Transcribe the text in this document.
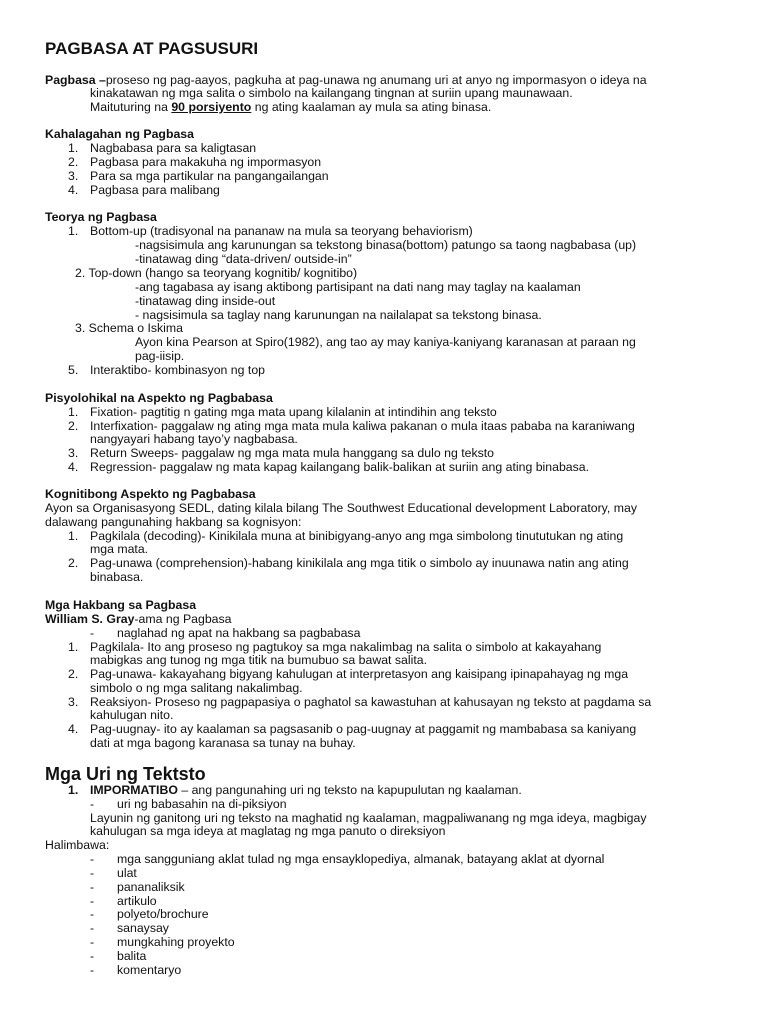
PAGBASA AT PAGSUSURI
Pagbasa –proseso ng pag-aayos, pagkuha at pag-unawa ng anumang uri at anyo ng impormasyon o ideya na
kinakatawan ng mga salita o simbolo na kailangang tingnan at suriin upang maunawaan.
Maituturing na 90 porsiyento ng ating kaalaman ay mula sa ating binasa.
Kahalagahan ng Pagbasa
1. Nagbabasa para sa kaligtasan
2. Pagbasa para makakuha ng impormasyon
3. Para sa mga partikular na pangangailangan
4. Pagbasa para malibang
Teorya ng Pagbasa
1. Bottom-up (tradisyonal na pananaw na mula sa teoryang behaviorism)
-nagsisimula ang karunungan sa tekstong binasa(bottom) patungo sa taong nagbabasa (up)
-tinatawag ding “data-driven/ outside-in”
2. Top-down (hango sa teoryang kognitib/ kognitibo)
-ang tagabasa ay isang aktibong partisipant na dati nang may taglay na kaalaman
-tinatawag ding inside-out
- nagsisimula sa taglay nang karunungan na nailalapat sa tekstong binasa.
3. Schema o Iskima
Ayon kina Pearson at Spiro(1982), ang tao ay may kaniya-kaniyang karanasan at paraan ng
pag-iisip.
5. Interaktibo- kombinasyon ng top
Pisyolohikal na Aspekto ng Pagbabasa
1. Fixation- pagtitig n gating mga mata upang kilalanin at intindihin ang teksto
2. Interfixation- paggalaw ng ating mga mata mula kaliwa pakanan o mula itaas pababa na karaniwang
nangyayari habang tayo’y nagbabasa.
3. Return Sweeps- paggalaw ng mga mata mula hanggang sa dulo ng teksto
4. Regression- paggalaw ng mata kapag kailangang balik-balikan at suriin ang ating binabasa.
Kognitibong Aspekto ng Pagbabasa
Ayon sa Organisasyong SEDL, dating kilala bilang The Southwest Educational development Laboratory, may
dalawang pangunahing hakbang sa kognisyon:
1. Pagkilala (decoding)- Kinikilala muna at binibigyang-anyo ang mga simbolong tinututukan ng ating
mga mata.
2. Pag-unawa (comprehension)-habang kinikilala ang mga titik o simbolo ay inuunawa natin ang ating
binabasa.
Mga Hakbang sa Pagbasa
William S. Gray-ama ng Pagbasa
- naglahad ng apat na hakbang sa pagbabasa
1. Pagkilala- Ito ang proseso ng pagtukoy sa mga nakalimbag na salita o simbolo at kakayahang
mabigkas ang tunog ng mga titik na bumubuo sa bawat salita.
2. Pag-unawa- kakayahang bigyang kahulugan at interpretasyon ang kaisipang ipinapahayag ng mga
simbolo o ng mga salitang nakalimbag.
3. Reaksiyon- Proseso ng pagpapasiya o paghatol sa kawastuhan at kahusayan ng teksto at pagdama sa
kahulugan nito.
4. Pag-uugnay- ito ay kaalaman sa pagsasanib o pag-uugnay at paggamit ng mambabasa sa kaniyang
dati at mga bagong karanasa sa tunay na buhay.
Mga Uri ng Tektsto
1. IMPORMATIBO – ang pangunahing uri ng teksto na kapupulutan ng kaalaman.
- uri ng babasahin na di-piksiyon
Layunin ng ganitong uri ng teksto na maghatid ng kaalaman, magpaliwanang ng mga ideya, magbigay
kahulugan sa mga ideya at maglatag ng mga panuto o direksiyon
Halimbawa:
- mga sangguniang aklat tulad ng mga ensayklopediya, almanak, batayang aklat at dyornal
- ulat
- pananaliksik
- artikulo
- polyeto/brochure
- sanaysay
- mungkahing proyekto
- balita
- komentaryo
